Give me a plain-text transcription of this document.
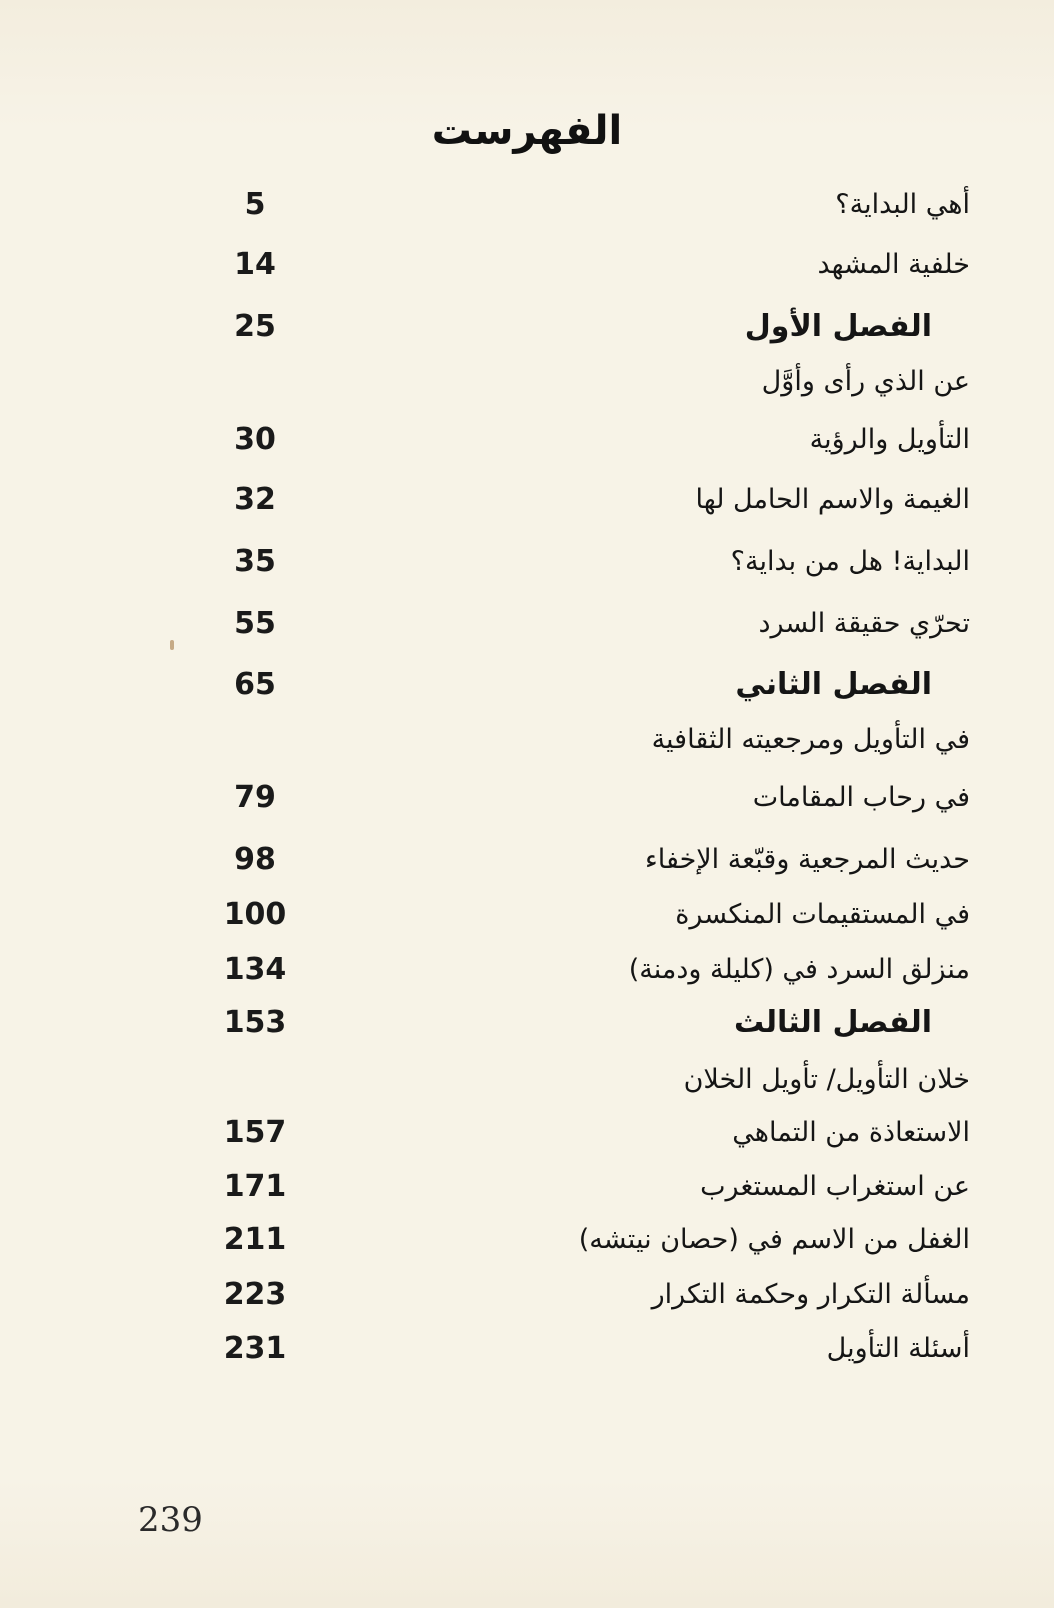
الفهرست
أهي البداية؟
5
خلفية المشهد
14
الفصل الأول
25
عن الذي رأى وأوَّل
التأويل والرؤية
30
الغيمة والاسم الحامل لها
32
البداية! هل من بداية؟
35
تحرّي حقيقة السرد
55
الفصل الثاني
65
في التأويل ومرجعيته الثقافية
في رحاب المقامات
79
حديث المرجعية وقبّعة الإخفاء
98
في المستقيمات المنكسرة
100
منزلق السرد في (كليلة ودمنة)
134
الفصل الثالث
153
خلان التأويل/ تأويل الخلان
الاستعاذة من التماهي
157
عن استغراب المستغرب
171
الغفل من الاسم في (حصان نيتشه)
211
مسألة التكرار وحكمة التكرار
223
أسئلة التأويل
231
239
